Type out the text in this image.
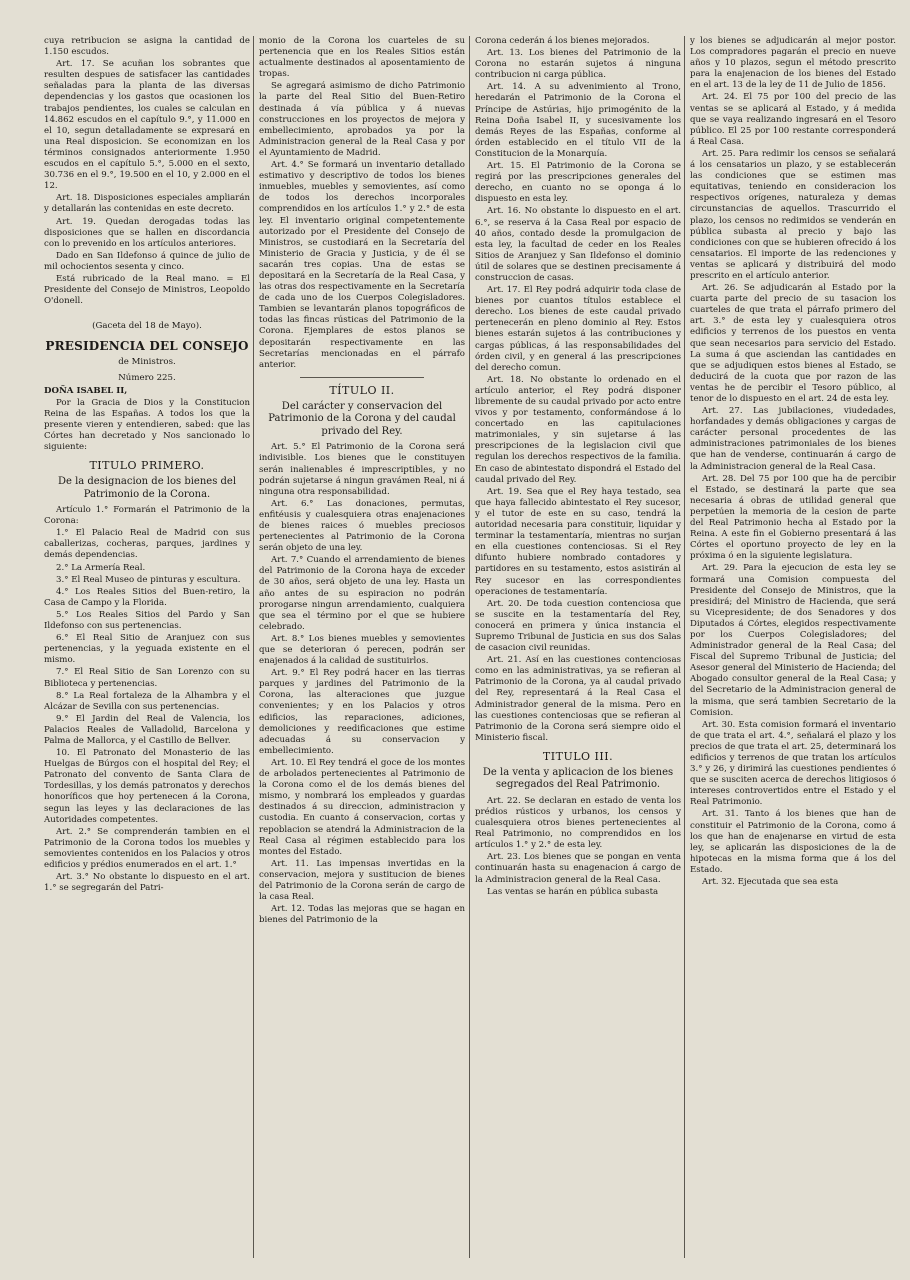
cuya retribucion se asigna la cantidad de 1.150 escudos.

Art. 17. Se acuñan los sobrantes que resulten despues de satisfacer las cantidades señaladas para la planta de las diversas dependencias y los gastos que ocasionen los trabajos pendientes, los cuales se calculan en 14.862 escudos en el capítulo 9.°, y 11.000 en el 10, segun detalladamente se expresará en una Real disposicion. Se economizan en los términos consignados anteriormente 1.950 escudos en el capítulo 5.°, 5.000 en el sexto, 30.736 en el 9.°, 19.500 en el 10, y 2.000 en el 12.

Art. 18. Disposiciones especiales ampliarán y detallarán las contenidas en este decreto.

Art. 19. Quedan derogadas todas las disposiciones que se hallen en discordancia con lo prevenido en los artículos anteriores.

Dado en San Ildefonso á quince de julio de mil ochocientos sesenta y cinco.

Está rubricado de la Real mano. = El Presidente del Consejo de Ministros, Leopoldo O'donell.

(Gaceta del 18 de Mayo).

PRESIDENCIA DEL CONSEJO

de Ministros.

Número 225.

DOÑA ISABEL II,

Por la Gracia de Dios y la Constitucion Reina de las Españas. A todos los que la presente vieren y entendieren, sabed: que las Córtes han decretado y Nos sancionado lo siguiente:

TITULO PRIMERO.
De la designacion de los bienes del Patrimonio de la Corona.

Artículo 1.° Formarán el Patrimonio de la Corona:

1.° El Palacio Real de Madrid con sus caballerizas, cocheras, parques, jardines y demás dependencias.

2.° La Armería Real.

3.° El Real Museo de pinturas y escultura.

4.° Los Reales Sitios del Buen-retiro, la Casa de Campo y la Florida.

5.° Los Reales Sitios del Pardo y San Ildefonso con sus pertenencias.

6.° El Real Sitio de Aranjuez con sus pertenencias, y la yeguada existente en el mismo.

7.° El Real Sitio de San Lorenzo con su Biblioteca y pertenencias.

8.° La Real fortaleza de la Alhambra y el Alcázar de Sevilla con sus pertenencias.

9.° El Jardin del Real de Valencia, los Palacios Reales de Valladolid, Barcelona y Palma de Mallorca, y el Castillo de Bellver.

10. El Patronato del Monasterio de las Huelgas de Búrgos con el hospital del Rey; el Patronato del convento de Santa Clara de Tordesillas, y los demás patronatos y derechos honoríficos que hoy pertenecen á la Corona, segun las leyes y las declaraciones de las Autoridades competentes.

Art. 2.° Se comprenderán tambien en el Patrimonio de la Corona todos los muebles y semovientes contenidos en los Palacios y otros edificios y prédios enumerados en el art. 1.°

Art. 3.° No obstante lo dispuesto en el art. 1.° se segregarán del Patri-

monio de la Corona los cuarteles de su pertenencia que en los Reales Sitios están actualmente destinados al aposentamiento de tropas.

Se agregará asimismo de dicho Patrimonio la parte del Real Sitio del Buen-Retiro destinada á vía pública y á nuevas construcciones en los proyectos de mejora y embellecimiento, aprobados ya por la Administracion general de la Real Casa y por el Ayuntamiento de Madrid.

Art. 4.° Se formará un inventario detallado estimativo y descriptivo de todos los bienes inmuebles, muebles y semovientes, así como de todos los derechos incorporales comprendidos en los artículos 1.° y 2.° de esta ley. El inventario original competentemente autorizado por el Presidente del Consejo de Ministros, se custodiará en la Secretaría del Ministerio de Gracia y Justicia, y de él se sacarán tres copias. Una de estas se depositará en la Secretaría de la Real Casa, y las otras dos respectivamente en la Secretaría de cada uno de los Cuerpos Colegisladores. Tambien se levantarán planos topográficos de todas las fincas rústicas del Patrimonio de la Corona. Ejemplares de estos planos se depositarán respectivamente en las Secretarías mencionadas en el párrafo anterior.

TÍTULO II.
Del carácter y conservacion del Patrimonio de la Corona y del caudal privado del Rey.

Art. 5.° El Patrimonio de la Corona será indivisible. Los bienes que le constituyen serán inalienables é imprescriptibles, y no podrán sujetarse á ningun gravámen Real, ni á ninguna otra responsabilidad.

Art. 6.° Las donaciones, permutas, enfitéusis y cualesquiera otras enajenaciones de bienes raices ó muebles preciosos pertenecientes al Patrimonio de la Corona serán objeto de una ley.

Art. 7.° Cuando el arrendamiento de bienes del Patrimonio de la Corona haya de exceder de 30 años, será objeto de una ley. Hasta un año antes de su espiracion no podrán prorogarse ningun arrendamiento, cualquiera que sea el término por el que se hubiere celebrado.

Art. 8.° Los bienes muebles y semovientes que se deterioran ó perecen, podrán ser enajenados á la calidad de sustituirlos.

Art. 9.° El Rey podrá hacer en las tierras parques y jardines del Patrimonio de la Corona, las alteraciones que juzgue convenientes; y en los Palacios y otros edificios, las reparaciones, adiciones, demoliciones y reedificaciones que estime adecuadas á su conservacion y embellecimiento.

Art. 10. El Rey tendrá el goce de los montes de arbolados pertenecientes al Patrimonio de la Corona como el de los demás bienes del mismo, y nombrará los empleados y guardas destinados á su direccion, administracion y custodia. En cuanto á conservacion, cortas y repoblacion se atendrá la Administracion de la Real Casa al régimen establecido para los montes del Estado.

Art. 11. Las impensas invertidas en la conservacion, mejora y sustitucion de bienes del Patrimonio de la Corona serán de cargo de la casa Real.

Art. 12. Todas las mejoras que se hagan en bienes del Patrimonio de la

Corona cederán á los bienes mejorados.

Art. 13. Los bienes del Patrimonio de la Corona no estarán sujetos á ninguna contribucion ni carga pública.

Art. 14. A su advenimiento al Trono, heredarán el Patrimonio de la Corona el Príncipe de Astúrias, hijo primogénito de la Reina Doña Isabel II, y sucesivamente los demás Reyes de las Españas, conforme al órden establecido en el título VII de la Constitucion de la Monarquía.

Art. 15. El Patrimonio de la Corona se regirá por las prescripciones generales del derecho, en cuanto no se oponga á lo dispuesto en esta ley.

Art. 16. No obstante lo dispuesto en el art. 6.°, se reserva á la Casa Real por espacio de 40 años, contado desde la promulgacion de esta ley, la facultad de ceder en los Reales Sitios de Aranjuez y San Ildefonso el dominio útil de solares que se destinen precisamente á construccion de casas.

Art. 17. El Rey podrá adquirir toda clase de bienes por cuantos títulos establece el derecho. Los bienes de este caudal privado pertenecerán en pleno dominio al Rey. Estos bienes estarán sujetos á las contribuciones y cargas públicas, á las responsabilidades del órden civil, y en general á las prescripciones del derecho comun.

Art. 18. No obstante lo ordenado en el artículo anterior, el Rey podrá disponer libremente de su caudal privado por acto entre vivos y por testamento, conformándose á lo concertado en las capitulaciones matrimoniales, y sin sujetarse á las prescripciones de la legislacion civil que regulan los derechos respectivos de la familia. En caso de abintestato dispondrá el Estado del caudal privado del Rey.

Art. 19. Sea que el Rey haya testado, sea que haya fallecido abintestato el Rey sucesor, y el tutor de este en su caso, tendrá la autoridad necesaria para constituir, liquidar y terminar la testamentaría, mientras no surjan en ella cuestiones contenciosas. Si el Rey difunto hubiere nombrado contadores y partidores en su testamento, estos asistirán al Rey sucesor en las correspondientes operaciones de testamentaría.

Art. 20. De toda cuestion contenciosa que se suscite en la testamentaría del Rey, conocerá en primera y única instancia el Supremo Tribunal de Justicia en sus dos Salas de casacion civil reunidas.

Art. 21. Así en las cuestiones contenciosas como en las administrativas, ya se refieran al Patrimonio de la Corona, ya al caudal privado del Rey, representará á la Real Casa el Administrador general de la misma. Pero en las cuestiones contenciosas que se refieran al Patrimonio de la Corona será siempre oido el Ministerio fiscal.

TITULO III.
De la venta y aplicacion de los bienes segregados del Real Patrimonio.

Art. 22. Se declaran en estado de venta los prédios rústicos y urbanos, los censos y cualesquiera otros bienes pertenecientes al Real Patrimonio, no comprendidos en los artículos 1.° y 2.° de esta ley.

Art. 23. Los bienes que se pongan en venta continuarán hasta su enagenacion á cargo de la Administracion general de la Real Casa.

Las ventas se harán en pública subasta

y los bienes se adjudicarán al mejor postor. Los compradores pagarán el precio en nueve años y 10 plazos, segun el método prescrito para la enajenacion de los bienes del Estado en el art. 13 de la ley de 11 de Julio de 1856.

Art. 24. El 75 por 100 del precio de las ventas se se aplicará al Estado, y á medida que se vaya realizando ingresará en el Tesoro público. El 25 por 100 restante corresponderá á Real Casa.

Art. 25. Para redimir los censos se señalará á los censatarios un plazo, y se establecerán las condiciones que se estimen mas equitativas, teniendo en consideracion los respectivos orígenes, naturaleza y demas circunstancias de aquellos. Trascurrido el plazo, los censos no redimidos se venderán en pública subasta al precio y bajo las condiciones con que se hubieren ofrecido á los censatarios. El importe de las redenciones y ventas se aplicará y distribuirá del modo prescrito en el artículo anterior.

Art. 26. Se adjudicarán al Estado por la cuarta parte del precio de su tasacion los cuarteles de que trata el párrafo primero del art. 3.° de esta ley y cualesquiera otros edificios y terrenos de los puestos en venta que sean necesarios para servicio del Estado. La suma á que asciendan las cantidades en que se adjudiquen estos bienes al Estado, se deducirá de la cuota que por razon de las ventas he de percibir el Tesoro público, al tenor de lo dispuesto en el art. 24 de esta ley.

Art. 27. Las jubilaciones, viudedades, horfandades y demás obligaciones y cargas de carácter personal procedentes de las administraciones patrimoniales de los bienes que han de venderse, continuarán á cargo de la Administracion general de la Real Casa.

Art. 28. Del 75 por 100 que ha de percibir el Estado, se destinará la parte que sea necesaria á obras de utilidad general que perpetúen la memoria de la cesion de parte del Real Patrimonio hecha al Estado por la Reina. A este fin el Gobierno presentará á las Córtes el oportuno proyecto de ley en la próxima ó en la siguiente legislatura.

Art. 29. Para la ejecucion de esta ley se formará una Comision compuesta del Presidente del Consejo de Ministros, que la presidirá; del Ministro de Hacienda, que será su Vicepresidente; de dos Senadores y dos Diputados á Córtes, elegidos respectivamente por los Cuerpos Colegisladores; del Administrador general de la Real Casa; del Fiscal del Supremo Tribunal de Justicia; del Asesor general del Ministerio de Hacienda; del Abogado consultor general de la Real Casa; y del Secretario de la Administracion general de la misma, que será tambien Secretario de la Comision.

Art. 30. Esta comision formará el inventario de que trata el art. 4.°, señalará el plazo y los precios de que trata el art. 25, determinará los edificios y terrenos de que tratan los artículos 3.° y 26, y dirimirá las cuestiones pendientes ó que se susciten acerca de derechos litigiosos ó intereses controvertidos entre el Estado y el Real Patrimonio.

Art. 31. Tanto á los bienes que han de constituir el Patrimonio de la Corona, como á los que han de enajenarse en virtud de esta ley, se aplicarán las disposiciones de la de hipotecas en la misma forma que á los del Estado.

Art. 32. Ejecutada que sea esta
